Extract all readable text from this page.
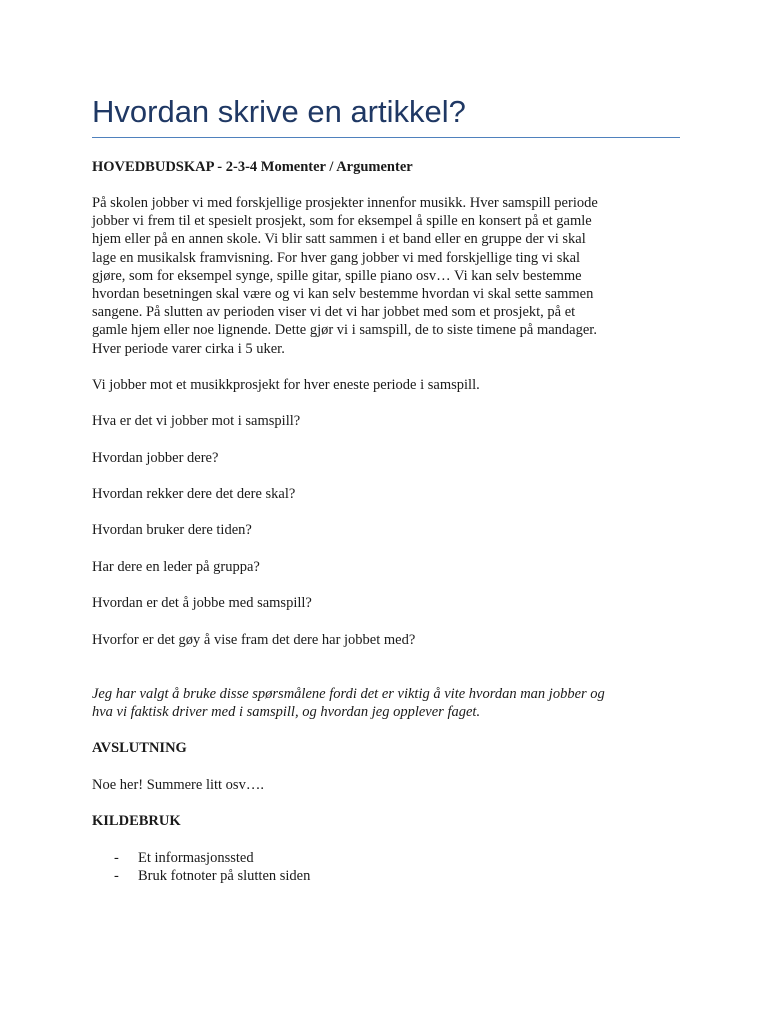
Hvordan skrive en artikkel?
HOVEDBUDSKAP - 2-3-4 Momenter / Argumenter
På skolen jobber vi med forskjellige prosjekter innenfor musikk. Hver samspill periode
jobber vi frem til et spesielt prosjekt, som for eksempel å spille en konsert på et gamle
hjem eller på en annen skole. Vi blir satt sammen i et band eller en gruppe der vi skal
lage en musikalsk framvisning. For hver gang jobber vi med forskjellige ting vi skal
gjøre, som for eksempel synge, spille gitar, spille piano osv… Vi kan selv bestemme
hvordan besetningen skal være og vi kan selv bestemme hvordan vi skal sette sammen
sangene. På slutten av perioden viser vi det vi har jobbet med som et prosjekt, på et
gamle hjem eller noe lignende. Dette gjør vi i samspill, de to siste timene på mandager.
Hver periode varer cirka i 5 uker.

Vi jobber mot et musikkprosjekt for hver eneste periode i samspill.

Hva er det vi jobber mot i samspill?

Hvordan jobber dere?

Hvordan rekker dere det dere skal?

Hvordan bruker dere tiden?

Har dere en leder på gruppa?

Hvordan er det å jobbe med samspill?

Hvorfor er det gøy å vise fram det dere har jobbet med?

Jeg har valgt å bruke disse spørsmålene fordi det er viktig å vite hvordan man jobber og
hva vi faktisk driver med i samspill, og hvordan jeg opplever faget.
AVSLUTNING

Noe her! Summere litt osv….

KILDEBRUK
- Et informasjonssted
- Bruk fotnoter på slutten siden
